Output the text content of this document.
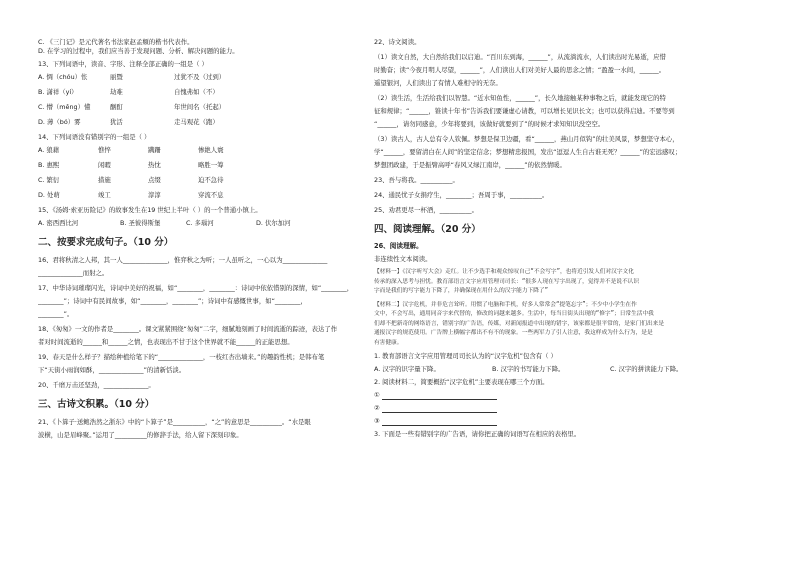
C. 《三门记》是元代著名书法家赵孟頫的楷书代表作。
D. 在学习的过程中，我们应当善于发现问题、分析、解决问题的能力。
13、下列词语中，读音、字形、注释全部正确的一组是（ ）
A. 惆（chóu）怅	丽暨	过犹不及（过到）
B. 潇祥（yí）	劫难	自愧弗如（不）
C. 懵（měng）懂	酗酊	年世间名（托起）
D. 薄（bó）雾	犹活	走马观花（跑）
14、下列词语没有错别字的一组是（ ）
A. 狼藉	憔悴	蹒跚	惨絶人寰
B. 惠熙	闲暇	热忱	略胜一筹
C. 繁衍	措施	点缀	迫不急待
D. 处萌	竣工	淳淳	穿流不息
15、《汤姆·索亚历险记》的故事发生在19 世纪上半叶（ ）的一个普通小镇上。
A. 密西西比河	B. 圣彼得斯堡	C. 多瑙河	D. 伏尔加河
二、按要求完成句子。（10 分）
16、君将秋清之人邦，其一人______________，惟弈秋之为听；一人虽听之，一心以为______________
______________而射之。
17、中华诗词璀璨闪光，诗词中美好的祝福，如“________，________：诗词中依依惜别的深情，如“________，
________”；诗词中有民间故事，如“________，________”；诗词中有感慨世事，如“________，
________”。
18、《匆匆》一文的作者是________。课文紧紧围绕“匆匆”二字，细腻地刻画了时间流逝的踪迹，表达了作
者对时间流逝的______和______之情，也表现出不甘于这个世界就不能______的正能思想。
19、春天是什么样子？描绘种植给笔下的“______________，一枝红杏出墙来。”的趣韵性机；是韩布笔
下“天街小雨润如酥，______________”的清新恬淡。
20、千磨万击还坚劲，______________。
三、古诗文积累。（10 分）
21、《卜算子·送鲍浩然之浙东》中的“卜算子”是__________，“之”的意思是__________。“水是眼
波横，山是眉峰聚。”运用了__________的修辞手法，给人留下深刻印象。
22、诗文阅读。
（1）读文自然，大自然给我们以启迪。“百川东到海，______”，从流淌流水，人们读出时光易逝，应惜
时勤奋；读“今夜月明人尽望，______”，人们读出人们对美好人最的思念之情；“盈盈一水间，______。
遥望银河，人们读出了有情人难相守的无奈。
（2）读生活，生活给我们以智慧。“近水知鱼性，______”，长久地接触某种事物之后，就能发现它的特
征和规律；“______，锥读十年书”告诉我们要谦虚心请教，可以增长见识长文；也可以获得启迪。不要等到
“______，请勿同感意，少年将要到，该做好就要到了”的时候才求知知识没空空。
（3）读古人，古人总有令人钦佩。梦想是保卫边疆，看“______，燕山月似钩”的壮美风景，梦想坚守本心，
学“______，要留清白在人间”的坚定信念；梦想精忠报国，发出“逗逗人生自古谁无死？______”的宏远感叹；
梦想团政建，于是振臂高呼“春风又绿江南岸，______”的依然情暖。
23、吾与将我。__________。
24、通民忧子女捐疗生，________；吾周于事，__________。
25、劝君更尽一杯酒，__________。
四、阅读理解。（20 分）
26、阅读理解。
非连续性文本阅读。
【材料一】《汉字听写大会》走红。让不少选手和观众惊叹自己“不会写字”，也将近引发人们对汉字文化
传承的深入思考与担忧。教育部语言文字应用管理司司长：“很多人现在写字出现了，觉得并不是说不认识
字而是我们的写字能力下降了，并确保现在用什么的汉字能力下降了”
【材料二】汉字危机，并非危言耸听。用惯了电脑和手机，好多人常常会“提笔忘字”；不少中小学生在作
文中，不会写出，通用同音字来代替的，修改的词越来越多。生活中，每当日街头出现的“修字”；日常生活中我
们却不把新奇的网络语言，错别字的广告语，传媒，对新闻报道中出现的错字，该家都是很平常的，是家门们出来是
通报汉字的规范使用。广告牌上横幅字都出不有不的现象。一些两军力了引人注意，我这样成为什么行为，是是
有害健康。
1. 教育部语言文字应用管理司司长认为的“汉字危机”包含有（ ）
A. 汉字的识字量下降。	B. 汉字的书写能力下降。	C. 汉字的拼读能力下降。
2. 阅读材料二，简要概括“汉字危机”主要表现在哪三个方面。
①
②
③
3. 下面是一些有错别字的广告语，请你把正确的词语写在相应的表格里。
